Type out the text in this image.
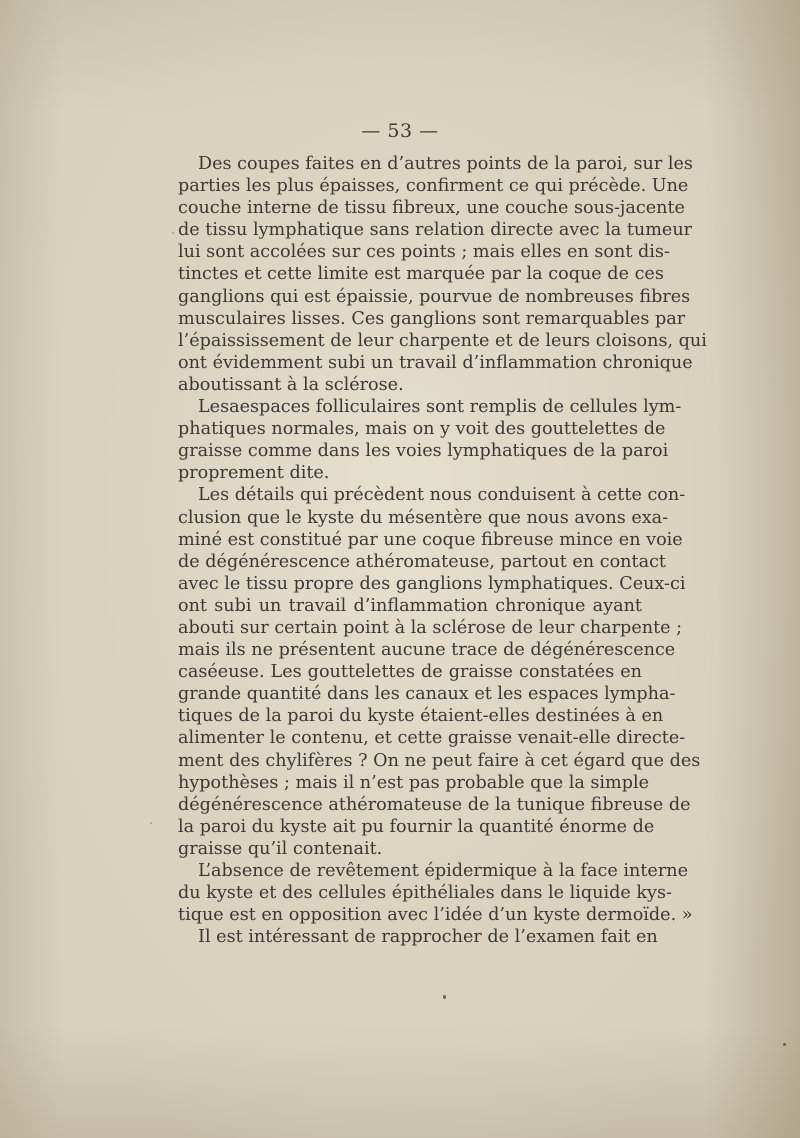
— 53 —
Des coupes faites en d’autres points de la paroi, sur les
parties les plus épaisses, confirment ce qui précède. Une
couche interne de tissu fibreux, une couche sous-jacente
de tissu lymphatique sans relation directe avec la tumeur
lui sont accolées sur ces points ; mais elles en sont dis-
tinctes et cette limite est marquée par la coque de ces
ganglions qui est épaissie, pourvue de nombreuses fibres
musculaires lisses. Ces ganglions sont remarquables par
l’épaississement de leur charpente et de leurs cloisons, qui
ont évidemment subi un travail d’inflammation chronique
aboutissant à la sclérose.
Lesaespaces folliculaires sont remplis de cellules lym-
phatiques normales, mais on y voit des gouttelettes de
graisse comme dans les voies lymphatiques de la paroi
proprement dite.
Les détails qui précèdent nous conduisent à cette con-
clusion que le kyste du mésentère que nous avons exa-
miné est constitué par une coque fibreuse mince en voie
de dégénérescence athéromateuse, partout en contact
avec le tissu propre des ganglions lymphatiques. Ceux-ci
ont subi un travail d’inflammation chronique ayant
abouti sur certain point à la sclérose de leur charpente ;
mais ils ne présentent aucune trace de dégénérescence
caséeuse. Les gouttelettes de graisse constatées en
grande quantité dans les canaux et les espaces lympha-
tiques de la paroi du kyste étaient-elles destinées à en
alimenter le contenu, et cette graisse venait-elle directe-
ment des chylifères ? On ne peut faire à cet égard que des
hypothèses ; mais il n’est pas probable que la simple
dégénérescence athéromateuse de la tunique fibreuse de
la paroi du kyste ait pu fournir la quantité énorme de
graisse qu’il contenait.
L’absence de revêtement épidermique à la face interne
du kyste et des cellules épithéliales dans le liquide kys-
tique est en opposition avec l’idée d’un kyste dermoïde. »
Il est intéressant de rapprocher de l’examen fait en
